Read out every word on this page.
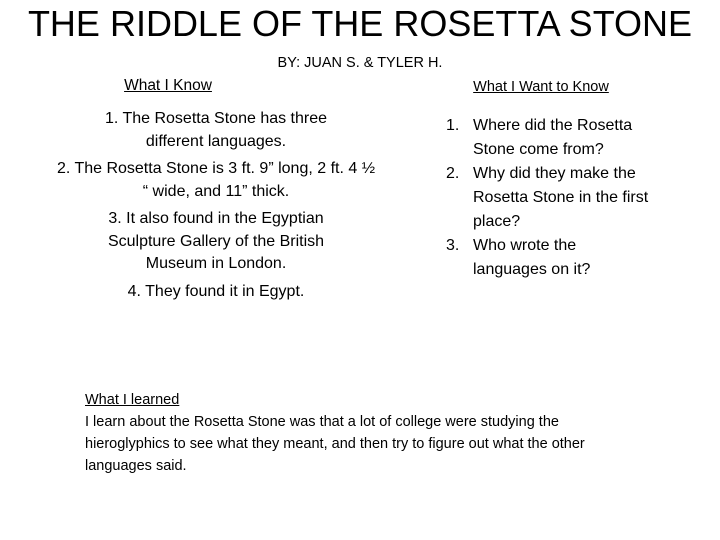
THE RIDDLE OF THE ROSETTA STONE
BY: JUAN S. & TYLER H.
What I Know
1. The Rosetta Stone has three different languages.
2. The Rosetta Stone is 3 ft. 9” long, 2 ft. 4 ½ “ wide, and 11” thick.
3. It also found in the Egyptian Sculpture Gallery of the British Museum in London.
4. They found it in Egypt.
What I Want to Know
1. Where did the Rosetta Stone come from?
2. Why did they make the Rosetta Stone in the first place?
3. Who wrote the languages on it?
What I learned
I learn about the Rosetta Stone was that a lot of college were studying the hieroglyphics to see what they meant, and then try to figure out what the other languages said.
